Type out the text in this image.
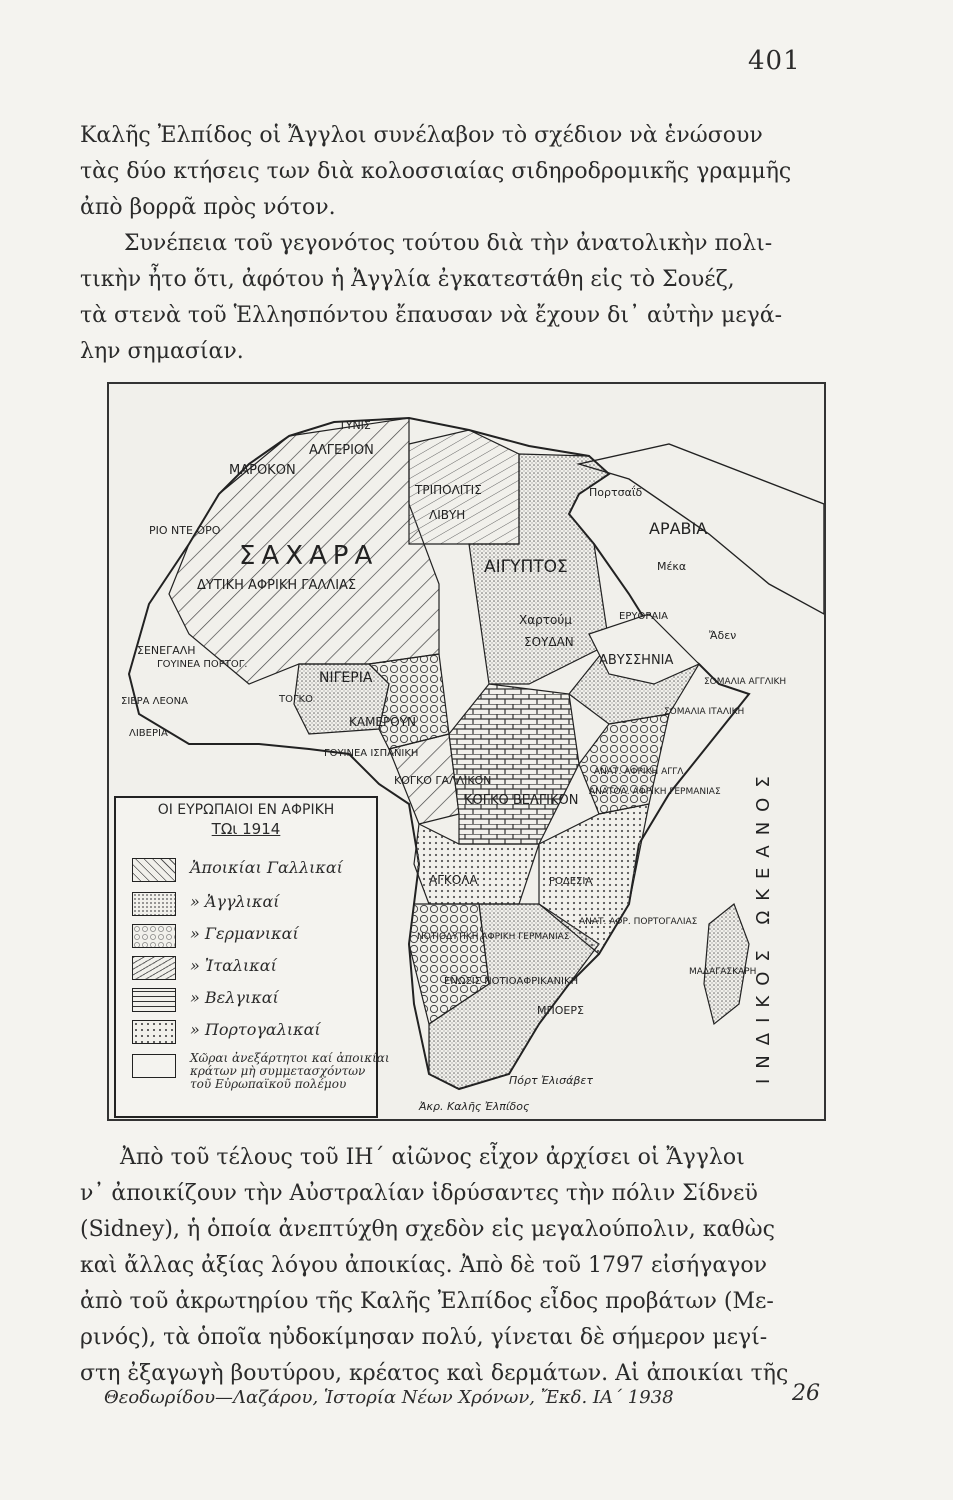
401
Καλῆς Ἐλπίδος οἱ Ἄγγλοι συνέλαβον τὸ σχέδιον νὰ ἑνώσουν
τὰς δύο κτήσεις των διὰ κολοσσιαίας σιδηροδρομικῆς γραμμῆς
ἀπὸ βορρᾶ πρὸς νότον.
Συνέπεια τοῦ γεγονότος τούτου διὰ τὴν ἀνατολικὴν πολι-
τικὴν ἦτο ὅτι, ἀφότου ἡ Ἀγγλία ἐγκατεστάθη εἰς τὸ Σουέζ,
τὰ στενὰ τοῦ Ἑλλησπόντου ἔπαυσαν νὰ ἔχουν δι᾽ αὐτὴν μεγά-
λην σημασίαν.
ΜΑΡΟΚΟΝ
ΑΛΓΕΡΙΟΝ
ΤΥΝΙΣ
ΤΡΙΠΟΛΙΤΙΣ
ΛΙΒΥΗ
ΑΙΓΥΠΤΟΣ
ΣΑΧΑΡΑ
ΔΥΤΙΚΗ ΑΦΡΙΚΗ ΓΑΛΛΙΑΣ
ΡΙΟ ΝΤΕ ΟΡΟ
ΣΕΝΕΓΑΛΗ
ΓΟΥΙΝΕΑ ΠΟΡΤΟΓ.
ΣΙΕΡΑ ΛΕΟΝΑ
ΛΙΒΕΡΙΑ
ΝΙΓΕΡΙΑ
ΤΟΓΚΟ
ΚΑΜΕΡΟΥΝ
ΓΟΥΙΝΕΑ ΙΣΠΑΝΙΚΗ
ΚΟΓΚΟ ΓΑΛΛΙΚΟΝ
ΚΟΓΚΟ ΒΕΛΓΙΚΟΝ
Χαρτούμ
ΣΟΥΔΑΝ
ΑΒΥΣΣΗΝΙΑ
ΑΡΑΒΙΑ
Μέκα
Ἄδεν
Πορτσαΐδ
ΕΡΥΘΡΑΙΑ
ΣΟΜΑΛΙΑ ΑΓΓΛΙΚΗ
ΣΟΜΑΛΙΑ ΙΤΑΛΙΚΗ
ΑΝΑΤ. ΑΦΡΙΚΗ ΑΓΓΛ.
ΑΝΑΤΟΛ. ΑΦΡΙΚΗ ΓΕΡΜΑΝΙΑΣ
ΑΓΚΟΛΑ
ΝΟΤΙΟΔΥΤΙΚΗ ΑΦΡΙΚΗ ΓΕΡΜΑΝΙΑΣ
ΕΝΩΣΙΣ ΝΟΤΙΟΑΦΡΙΚΑΝΙΚΗ
ΡΟΔΕΣΙΑ
ΑΝΑΤ. ΑΦΡ. ΠΟΡΤΟΓΑΛΙΑΣ
ΜΑΔΑΓΑΣΚΑΡΗ
ΜΠΟΕΡΣ
Πόρτ Ἐλισάβετ
Ἀκρ. Καλῆς Ἐλπίδος
ΙΝΔΙΚΟΣ ΩΚΕΑΝΟΣ
ΟΙ ΕΥΡΩΠΑΙΟΙ ΕΝ ΑΦΡΙΚΗ
ΤΩι 1914
Ἀποικίαι Γαλλικαί
» Ἀγγλικαί
» Γερμανικαί
» Ἰταλικαί
» Βελγικαί
» Πορτογαλικαί
Χῶραι ἀνεξάρτητοι καί ἀποικίαι κράτων μὴ συμμετασχόντων τοῦ Εὐρωπαϊκοῦ πολέμου
Ἀπὸ τοῦ τέλους τοῦ ΙΗ´ αἰῶνος εἶχον ἀρχίσει οἱ Ἄγγλοι
ν᾽ ἀποικίζουν τὴν Αὐστραλίαν ἱδρύσαντες τὴν πόλιν Σίδνεϋ
(Sidney), ἡ ὁποία ἀνεπτύχθη σχεδὸν εἰς μεγαλούπολιν, καθὼς
καὶ ἄλλας ἀξίας λόγου ἀποικίας. Ἀπὸ δὲ τοῦ 1797 εἰσήγαγον
ἀπὸ τοῦ ἀκρωτηρίου τῆς Καλῆς Ἐλπίδος εἶδος προβάτων (Με-
ρινός), τὰ ὁποῖα ηὐδοκίμησαν πολύ, γίνεται δὲ σήμερον μεγί-
στη ἐξαγωγὴ βουτύρου, κρέατος καὶ δερμάτων. Αἱ ἀποικίαι τῆς
Θεοδωρίδου—Λαζάρου, Ἱστορία Νέων Χρόνων, Ἔκδ. ΙΑ´ 1938	26
